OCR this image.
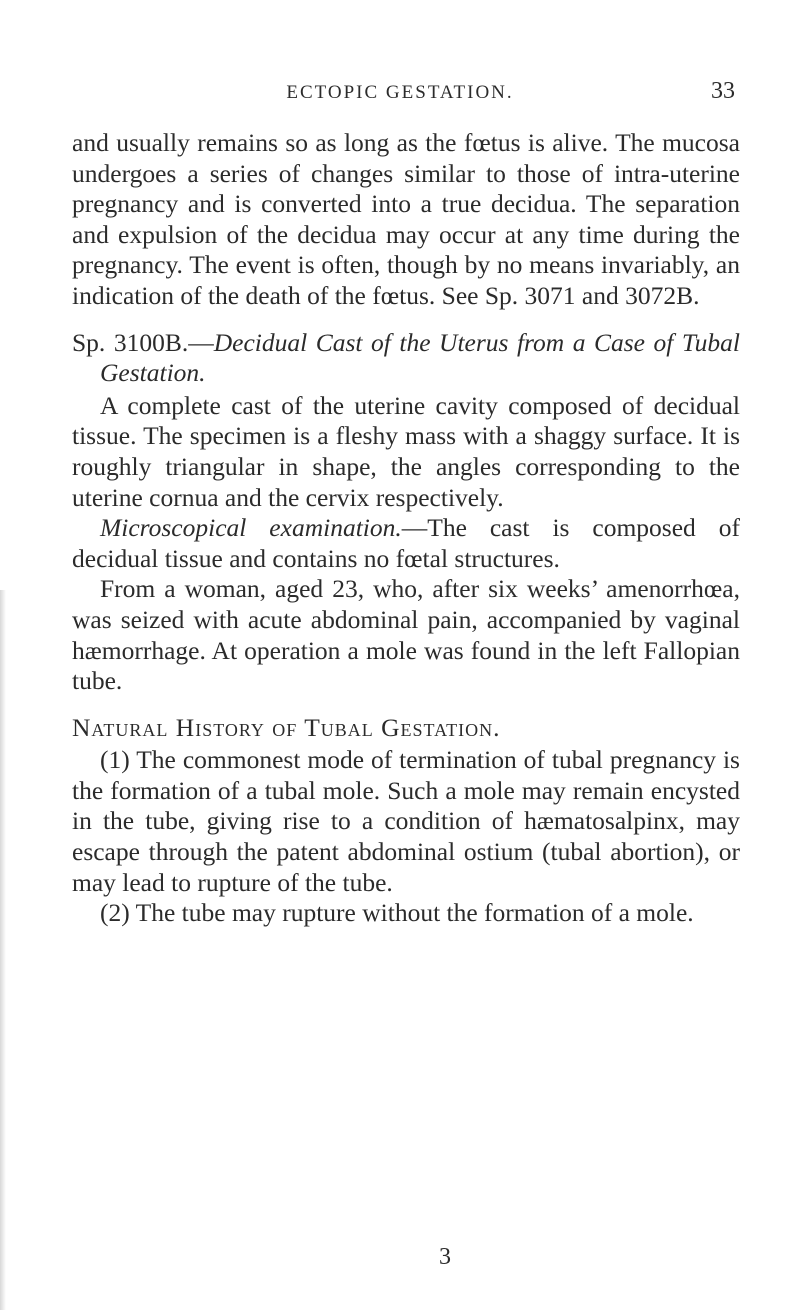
ECTOPIC GESTATION.	33

and usually remains so as long as the fœtus is alive. The mucosa undergoes a series of changes similar to those of intra-uterine pregnancy and is converted into a true decidua. The separation and expulsion of the decidua may occur at any time during the pregnancy. The event is often, though by no means invariably, an indication of the death of the fœtus. See Sp. 3071 and 3072B.

Sp. 3100B.—Decidual Cast of the Uterus from a Case of Tubal Gestation.

A complete cast of the uterine cavity composed of decidual tissue. The specimen is a fleshy mass with a shaggy surface. It is roughly triangular in shape, the angles corresponding to the uterine cornua and the cervix respectively.

Microscopical examination.—The cast is composed of decidual tissue and contains no fœtal structures.

From a woman, aged 23, who, after six weeks’ amenorrhœa, was seized with acute abdominal pain, accompanied by vaginal hæmorrhage. At operation a mole was found in the left Fallopian tube.

Natural History of Tubal Gestation.

(1) The commonest mode of termination of tubal pregnancy is the formation of a tubal mole. Such a mole may remain encysted in the tube, giving rise to a condition of hæmatosalpinx, may escape through the patent abdominal ostium (tubal abortion), or may lead to rupture of the tube.

(2) The tube may rupture without the formation of a mole.

3
